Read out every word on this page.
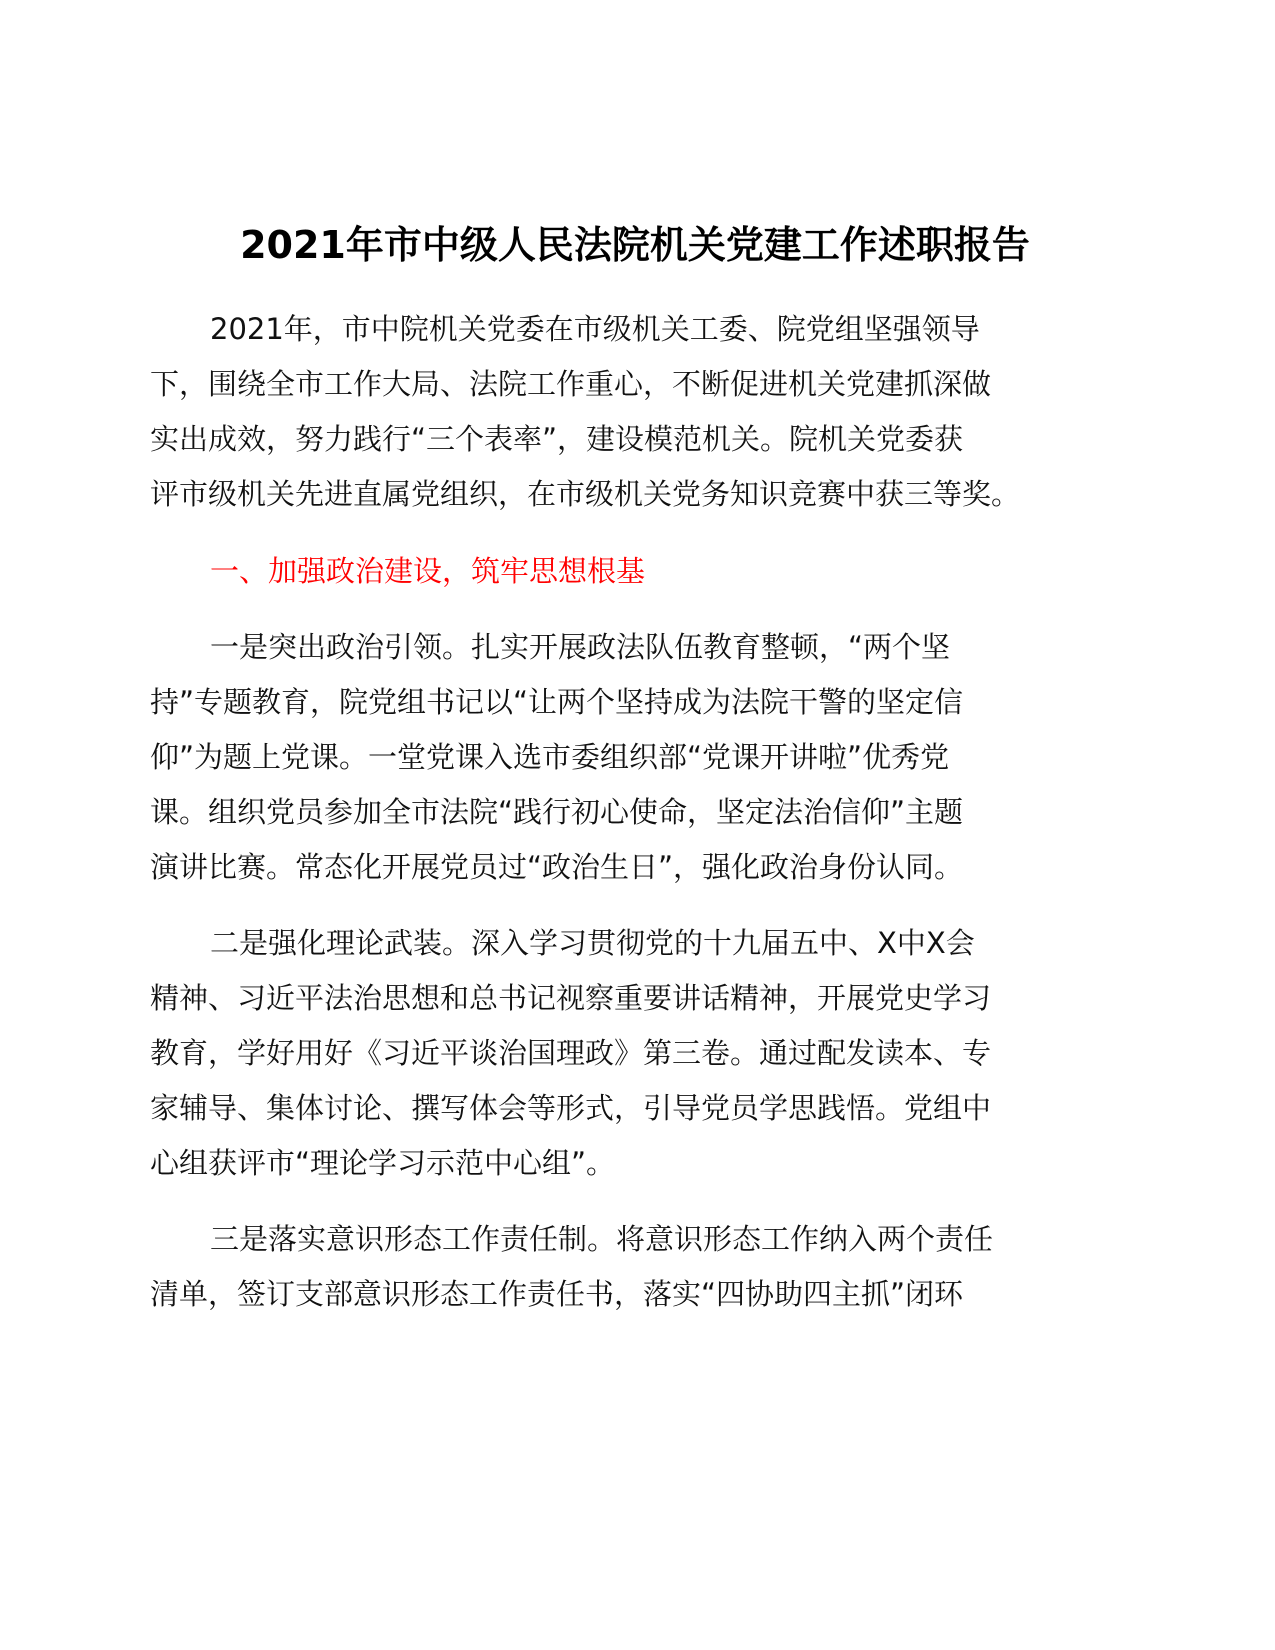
2021年市中级人民法院机关党建工作述职报告
2021年，市中院机关党委在市级机关工委、院党组坚强领导
下，围绕全市工作大局、法院工作重心，不断促进机关党建抓深做
实出成效，努力践行“三个表率”，建设模范机关。院机关党委获
评市级机关先进直属党组织，在市级机关党务知识竞赛中获三等奖。
一、加强政治建设，筑牢思想根基
一是突出政治引领。扎实开展政法队伍教育整顿，“两个坚
持”专题教育，院党组书记以“让两个坚持成为法院干警的坚定信
仰”为题上党课。一堂党课入选市委组织部“党课开讲啦”优秀党
课。组织党员参加全市法院“践行初心使命，坚定法治信仰”主题
演讲比赛。常态化开展党员过“政治生日”，强化政治身份认同。
二是强化理论武装。深入学习贯彻党的十九届五中、X中X会
精神、习近平法治思想和总书记视察重要讲话精神，开展党史学习
教育，学好用好《习近平谈治国理政》第三卷。通过配发读本、专
家辅导、集体讨论、撰写体会等形式，引导党员学思践悟。党组中
心组获评市“理论学习示范中心组”。
三是落实意识形态工作责任制。将意识形态工作纳入两个责任
清单，签订支部意识形态工作责任书，落实“四协助四主抓”闭环
